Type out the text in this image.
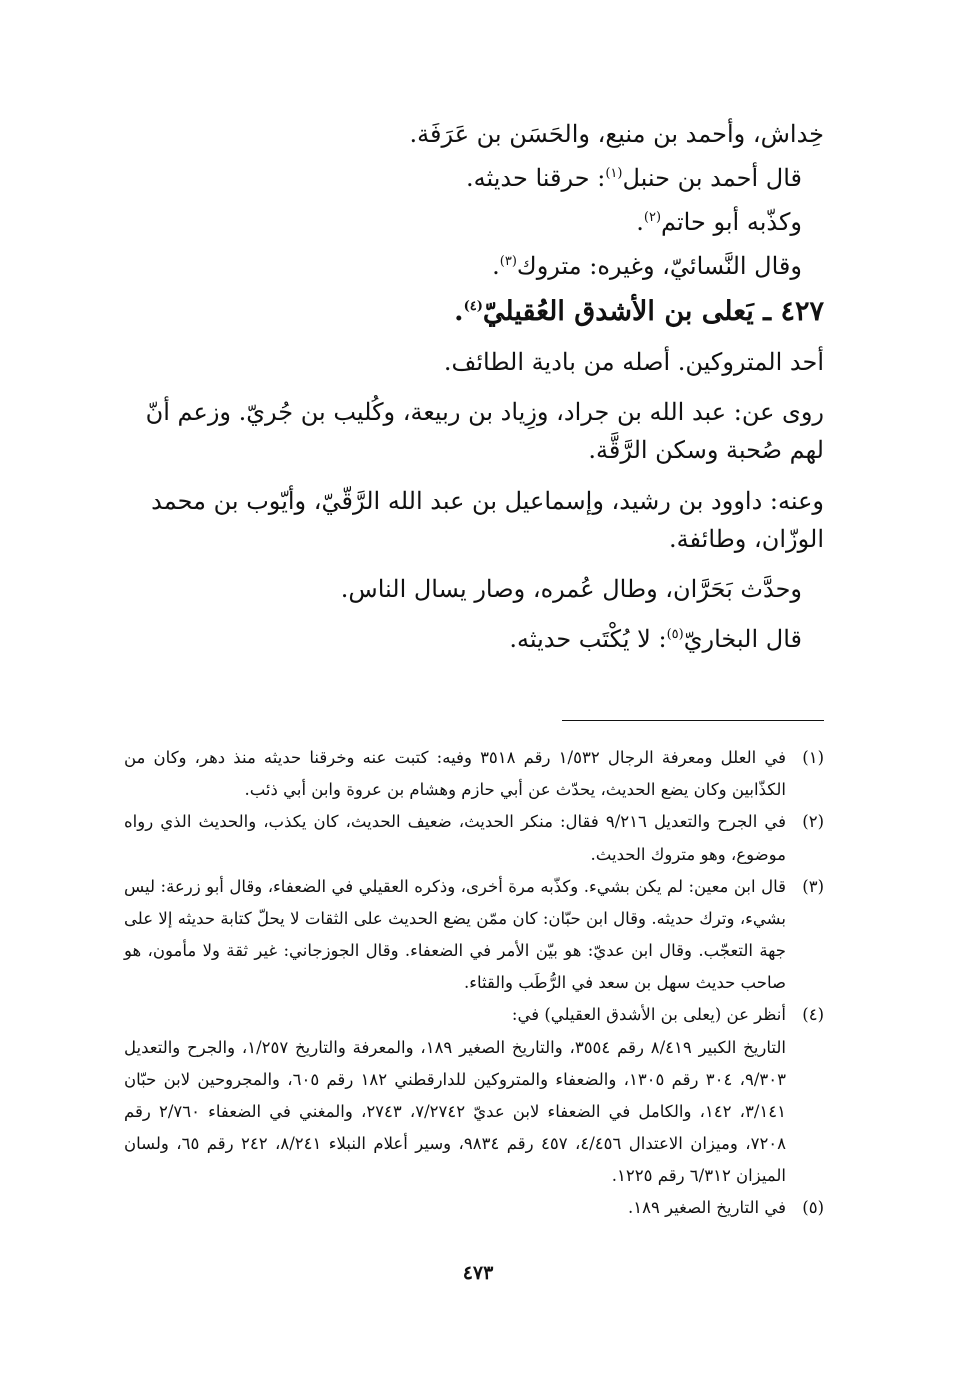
خِداش، وأحمد بن منيع، والحَسَن بن عَرَفَة.
قال أحمد بن حنبل$^{(١)}$: حرقنا حديثه.
وكذّبه أبو حاتم$^{(٢)}$.
وقال النَّسائيّ، وغيره: متروك$^{(٣)}$.
٤٢٧ ـ يَعلى بن الأشدق العُقيليّ$^{(٤)}$.
أحد المتروكين. أصله من بادية الطائف.
روى عن: عبد الله بن جراد، وزِياد بن ربيعة، وكُليب بن جُريّ. وزعم أنّ لهم صُحبة وسكن الرَّقَّة.
وعنه: داوود بن رشيد، وإسماعيل بن عبد الله الرَّقّيّ، وأيّوب بن محمد الوزّان، وطائفة.
وحدَّث بَحَرَّان، وطال عُمره، وصار يسال الناس.
قال البخاريّ$^{(٥)}$: لا يُكْتَب حديثه.
(١)
في العلل ومعرفة الرجال ١/٥٣٢ رقم ٣٥١٨ وفيه: كتبت عنه وخرقنا حديثه منذ دهر، وكان من الكذّابين وكان يضع الحديث، يحدّث عن أبي حازم وهشام بن عروة وابن أبي ذئب.
(٢)
في الجرح والتعديل ٩/٢١٦ فقال: منكر الحديث، ضعيف الحديث، كان يكذب، والحديث الذي رواه موضوع، وهو متروك الحديث.
(٣)
قال ابن معين: لم يكن بشيء. وكذّبه مرة أخرى، وذكره العقيلي في الضعفاء، وقال أبو زرعة: ليس بشيء، وترك حديثه. وقال ابن حبّان: كان ممّن يضع الحديث على الثقات لا يحلّ كتابة حديثه إلا على جهة التعجّب. وقال ابن عديّ: هو بيّن الأمر في الضعفاء. وقال الجوزجاني: غير ثقة ولا مأمون، هو صاحب حديث سهل بن سعد في الرُّطَب والقثاء.
(٤)
أنظر عن (يعلى بن الأشدق العقيلي) في:
التاريخ الكبير ٨/٤١٩ رقم ٣٥٥٤، والتاريخ الصغير ١٨٩، والمعرفة والتاريخ ١/٢٥٧، والجرح والتعديل ٩/٣٠٣، ٣٠٤ رقم ١٣٠٥، والضعفاء والمتروكين للدارقطني ١٨٢ رقم ٦٠٥، والمجروحين لابن حبّان ٣/١٤١، ١٤٢، والكامل في الضعفاء لابن عديّ ٧/٢٧٤٢، ٢٧٤٣، والمغني في الضعفاء ٢/٧٦٠ رقم ٧٢٠٨، وميزان الاعتدال ٤/٤٥٦، ٤٥٧ رقم ٩٨٣٤، وسير أعلام النبلاء ٨/٢٤١، ٢٤٢ رقم ٦٥، ولسان الميزان ٦/٣١٢ رقم ١٢٢٥.
(٥)
في التاريخ الصغير ١٨٩.
٤٧٣
